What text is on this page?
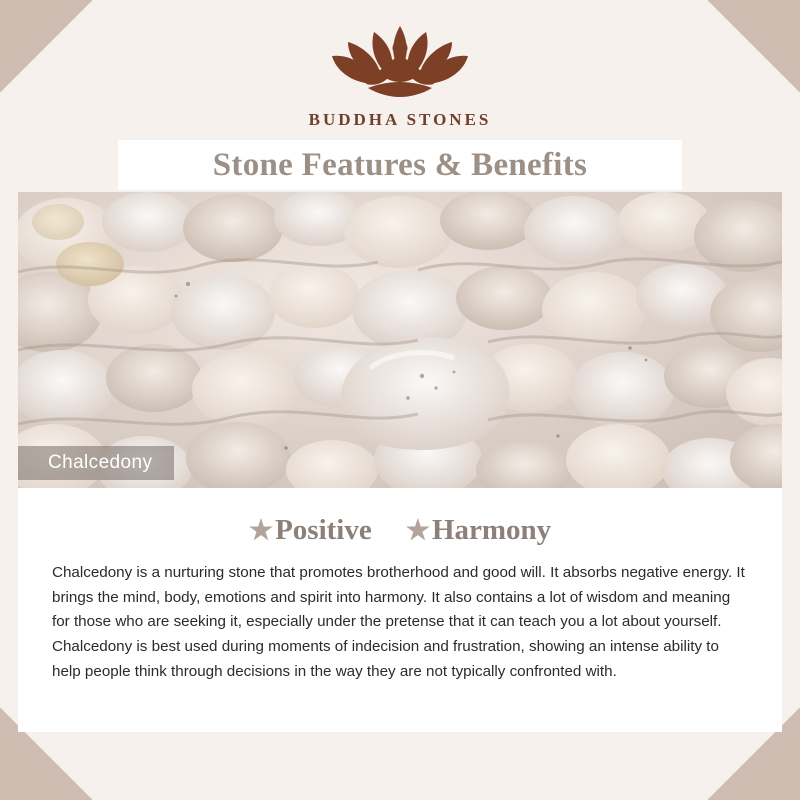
BUDDHA STONES
Stone Features & Benefits
Chalcedony
★ Positive ★ Harmony

Chalcedony is a nurturing stone that promotes brotherhood and good will. It absorbs negative energy. It brings the mind, body, emotions and spirit into harmony. It also contains a lot of wisdom and meaning for those who are seeking it, especially under the pretense that it can teach you a lot about yourself. Chalcedony is best used during moments of indecision and frustration, showing an intense ability to help people think through decisions in the way they are not typically confronted with.
